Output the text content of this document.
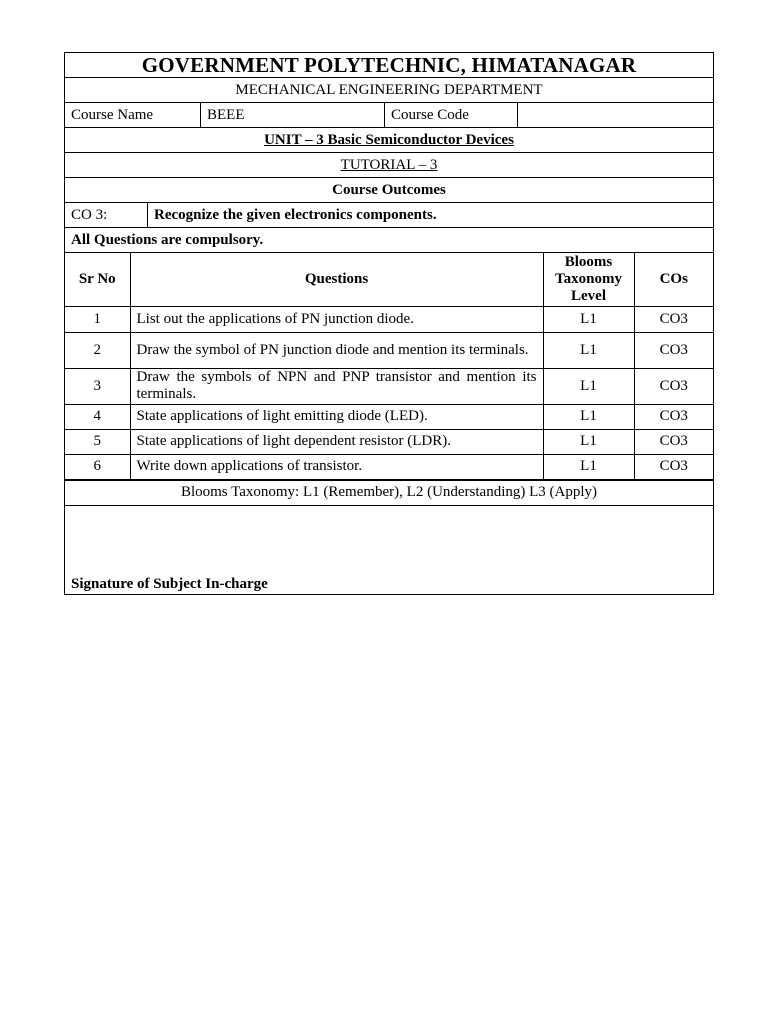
GOVERNMENT POLYTECHNIC, HIMATANAGAR
MECHANICAL ENGINEERING DEPARTMENT
Course Name	BEEE	Course Code
UNIT – 3 Basic Semiconductor Devices
TUTORIAL – 3
Course Outcomes
CO 3:	Recognize the given electronics components.
All Questions are compulsory.
Sr No	Questions	Blooms Taxonomy Level	COs
1	List out the applications of PN junction diode.	L1	CO3
2	Draw the symbol of PN junction diode and mention its terminals.	L1	CO3
3	Draw the symbols of NPN and PNP transistor and mention its terminals.	L1	CO3
4	State applications of light emitting diode (LED).	L1	CO3
5	State applications of light dependent resistor (LDR).	L1	CO3
6	Write down applications of transistor.	L1	CO3
Blooms Taxonomy: L1 (Remember), L2 (Understanding) L3 (Apply)
Signature of Subject In-charge
